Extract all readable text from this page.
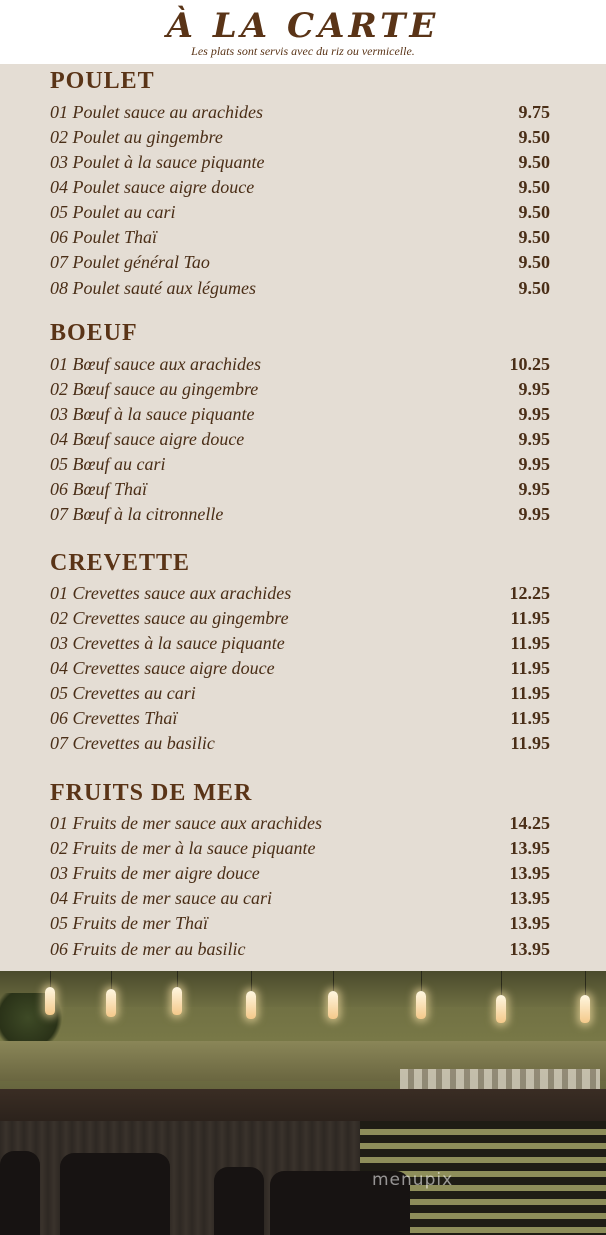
À LA CARTE
Les plats sont servis avec du riz ou vermicelle.
POULET
01 Poulet sauce au arachides	9.75
02 Poulet au gingembre	9.50
03 Poulet à la sauce piquante	9.50
04 Poulet sauce aigre douce	9.50
05 Poulet au cari	9.50
06 Poulet Thaï	9.50
07 Poulet général Tao	9.50
08 Poulet sauté aux légumes	9.50
BOEUF
01 Bœuf sauce aux arachides	10.25
02 Bœuf sauce au gingembre	9.95
03 Bœuf à la sauce piquante	9.95
04 Bœuf sauce aigre douce	9.95
05 Bœuf au cari	9.95
06 Bœuf Thaï	9.95
07 Bœuf à la citronnelle	9.95
CREVETTE
01 Crevettes sauce aux arachides	12.25
02 Crevettes sauce au gingembre	11.95
03 Crevettes à la sauce piquante	11.95
04 Crevettes sauce aigre douce	11.95
05 Crevettes au cari	11.95
06 Crevettes Thaï	11.95
07 Crevettes au basilic	11.95
FRUITS DE MER
01 Fruits de mer sauce aux arachides	14.25
02 Fruits de mer à la sauce piquante	13.95
03 Fruits de mer aigre douce	13.95
04 Fruits de mer sauce au cari	13.95
05 Fruits de mer Thaï	13.95
06 Fruits de mer au basilic	13.95
menupix
